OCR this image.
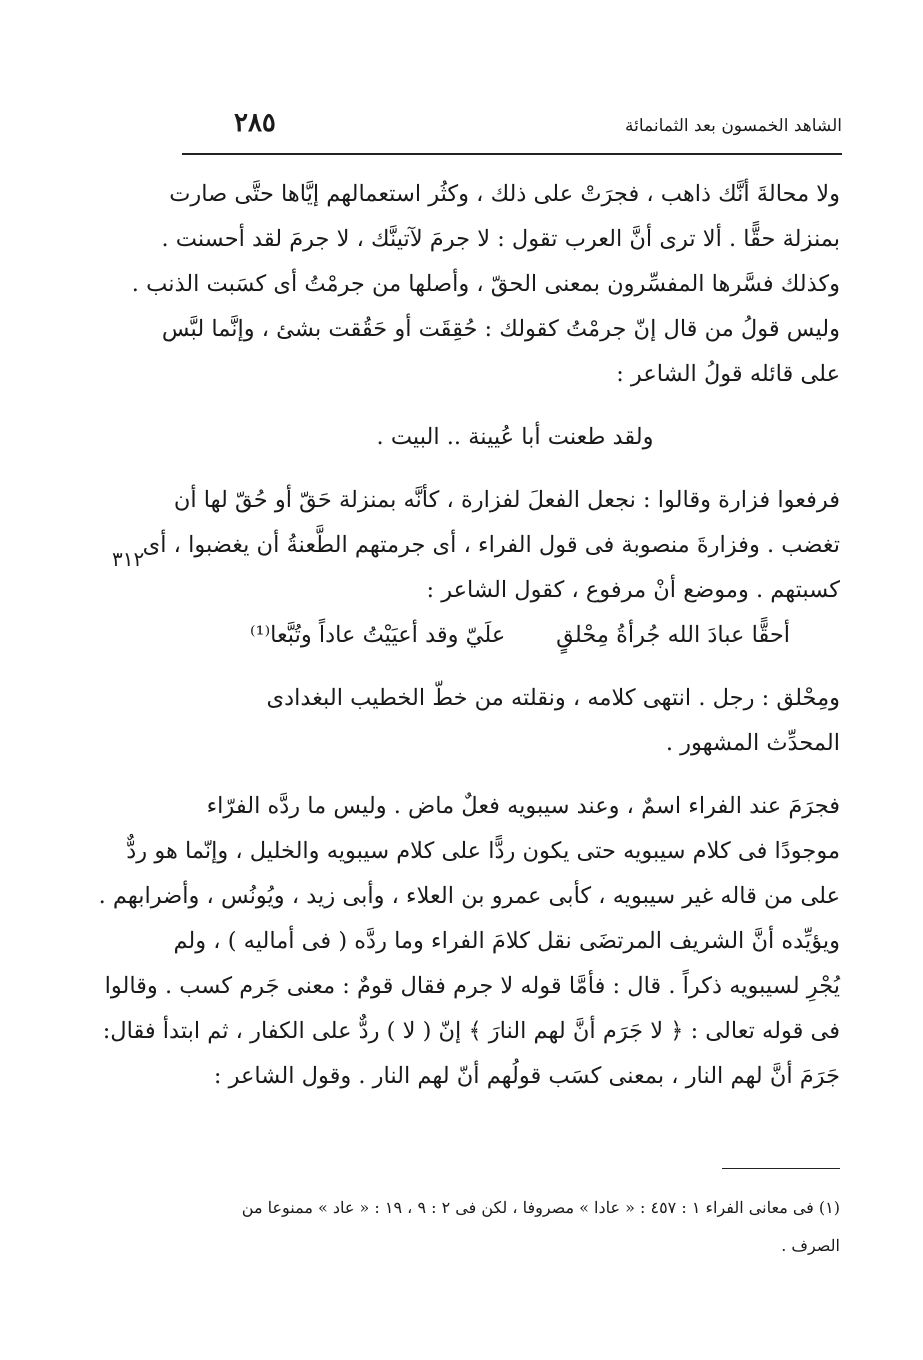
الشاهد الخمسون بعد الثمانمائة
٢٨٥
٣١٢
ولا محالةَ أنَّك ذاهب ، فجرَتْ على ذلك ، وكثُر استعمالهم إيَّاها حتَّى صارت
بمنزلة حقًّا . ألا ترى أنَّ العرب تقول : لا جرمَ لآتينَّك ، لا جرمَ لقد أحسنت .
وكذلك فسَّرها المفسِّرون بمعنى الحقّ ، وأصلها من جرمْتُ أى كسَبت الذنب .
وليس قولُ من قال إنّ جرمْتُ كقولك : حُقِقَت أو حَقُقت بشئ ، وإنَّما لبَّس
على قائله قولُ الشاعر :
ولقد طعنت أبا عُيينة .. البيت .
فرفعوا فزارة وقالوا : نجعل الفعلَ لفزارة ، كأنَّه بمنزلة حَقّ أو حُقّ لها أن
تغضب . وفزارةَ منصوبة فى قول الفراء ، أى جرمتهم الطَّعنةُ أن يغضبوا ، أى
كسبتهم . وموضع أنْ مرفوع ، كقول الشاعر :
أحقًّا عبادَ الله جُرأةُ مِحْلقٍ
علَيّ وقد أعيَيْتُ عاداً وتُبَّعا⁽¹⁾
ومِحْلق : رجل . انتهى كلامه ، ونقلته من خطّ الخطيب البغدادى
المحدِّث المشهور .
فجرَمَ عند الفراء اسمٌ ، وعند سيبويه فعلٌ ماض . وليس ما ردَّه الفرّاء
موجودًا فى كلام سيبويه حتى يكون ردًّا على كلام سيبويه والخليل ، وإنّما هو ردٌّ
على من قاله غير سيبويه ، كأبى عمرو بن العلاء ، وأبى زيد ، ويُونُس ، وأضرابهم .
ويؤيِّده أنَّ الشريف المرتضَى نقل كلامَ الفراء وما ردَّه ( فى أماليه ) ، ولم
يُجْرِ لسيبويه ذكراً . قال : فأمَّا قوله لا جرم فقال قومٌ : معنى جَرم كسب . وقالوا
فى قوله تعالى : ﴿ لا جَرَم أنَّ لهم النارَ ﴾ إنّ ( لا ) ردٌّ على الكفار ، ثم ابتدأ فقال:
جَرَمَ أنَّ لهم النار ، بمعنى كسَب قولُهم أنّ لهم النار . وقول الشاعر :
(١) فى معانى الفراء ١ : ٤٥٧ : « عادا » مصروفا ، لكن فى ٢ : ٩ ، ١٩ : « عاد » ممنوعا من
الصرف .
